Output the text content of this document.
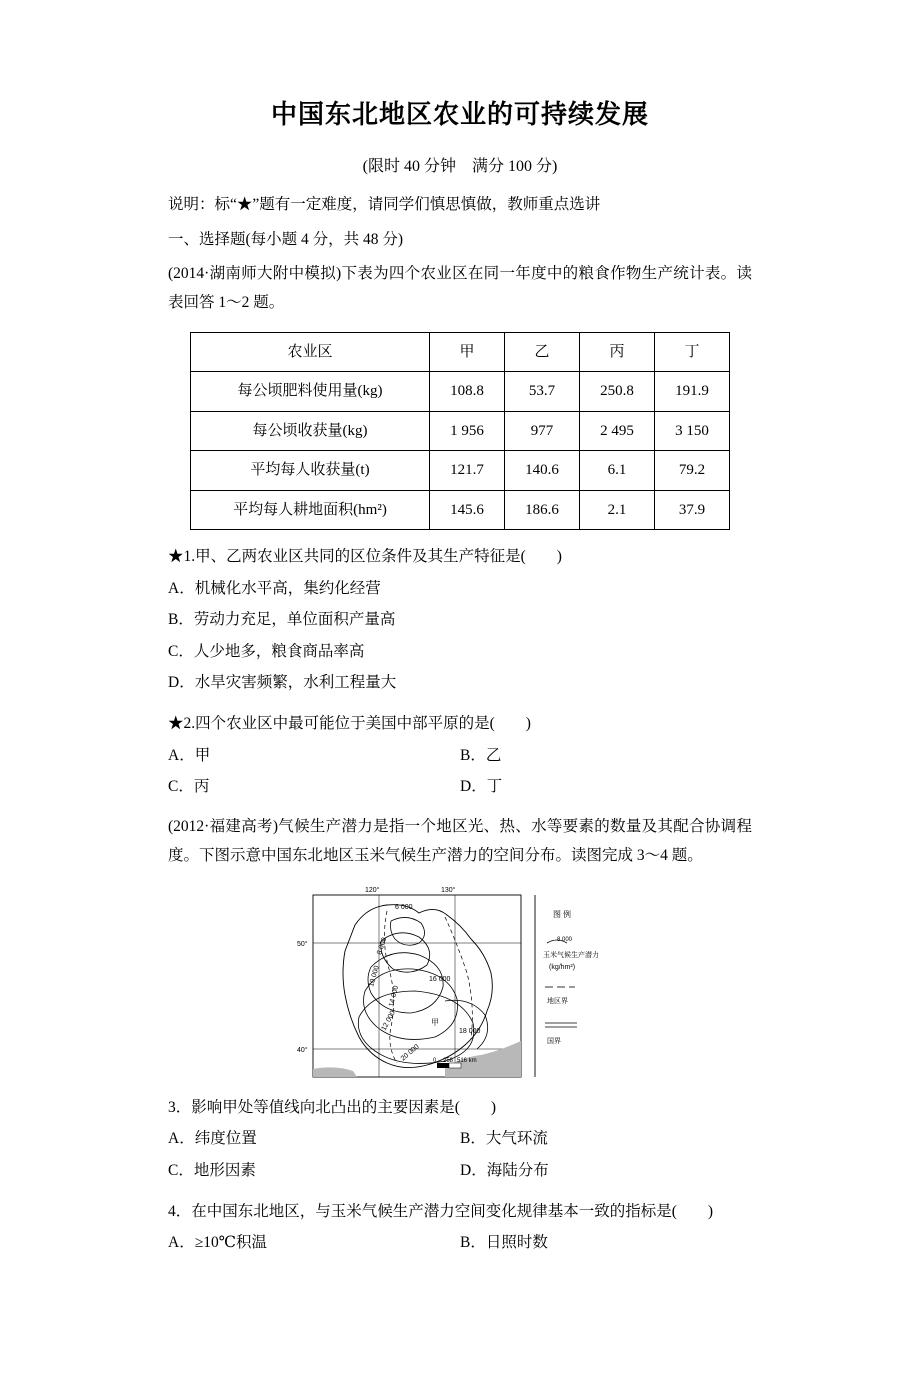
中国东北地区农业的可持续发展
(限时 40 分钟　满分 100 分)
说明：标“★”题有一定难度，请同学们慎思慎做，教师重点选讲
一、选择题(每小题 4 分，共 48 分)
(2014·湖南师大附中模拟)下表为四个农业区在同一年度中的粮食作物生产统计表。读表回答 1～2 题。
农业区	甲	乙	丙	丁
每公顷肥料使用量(kg)	108.8	53.7	250.8	191.9
每公顷收获量(kg)	1 956	977	2 495	3 150
平均每人收获量(t)	121.7	140.6	6.1	79.2
平均每人耕地面积(hm²)	145.6	186.6	2.1	37.9
★1.甲、乙两农业区共同的区位条件及其生产特征是(　　)
A．机械化水平高，集约化经营
B．劳动力充足，单位面积产量高
C．人少地多，粮食商品率高
D．水旱灾害频繁，水利工程量大
★2.四个农业区中最可能位于美国中部平原的是(　　)
A．甲	B．乙
C．丙	D．丁
(2012·福建高考)气候生产潜力是指一个地区光、热、水等要素的数量及其配合协调程度。下图示意中国东北地区玉米气候生产潜力的空间分布。读图完成 3～4 题。
6 000
8 000
10 000
12 000
14 000
16 000
20 000
18 000
甲
120°	130°
50°
40°
0 258 516 km
图 例
8 000
玉米气候生产潜力
(kg/hm²)
地区界
国界
3．影响甲处等值线向北凸出的主要因素是(　　)
A．纬度位置	B．大气环流
C．地形因素	D．海陆分布
4．在中国东北地区，与玉米气候生产潜力空间变化规律基本一致的指标是(　　)
A．≥10℃积温	B．日照时数
